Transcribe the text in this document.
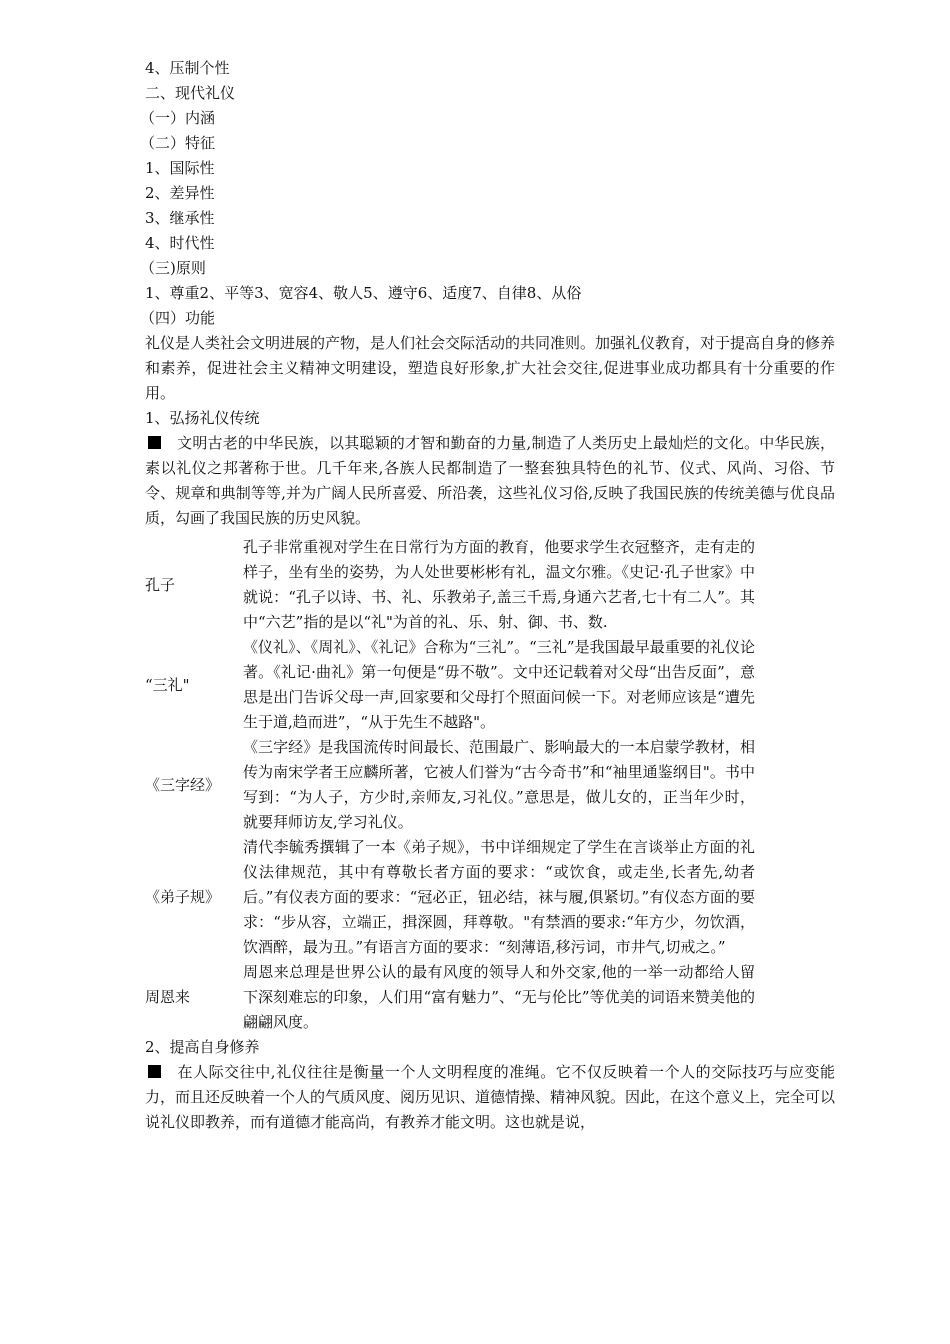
4、压制个性
二、现代礼仪
（一）内涵
（二）特征
1、国际性
2、差异性
3、继承性
4、时代性
（三)原则
1、尊重2、平等3、宽容4、敬人5、遵守6、适度7、自律8、从俗
（四）功能
礼仪是人类社会文明进展的产物，是人们社会交际活动的共同准则。加强礼仪教育，对于提高自身的修养和素养，促进社会主义精神文明建设，塑造良好形象,扩大社会交往,促进事业成功都具有十分重要的作用。
1、弘扬礼仪传统
文明古老的中华民族，以其聪颖的才智和勤奋的力量,制造了人类历史上最灿烂的文化。中华民族，素以礼仪之邦著称于世。几千年来,各族人民都制造了一整套独具特色的礼节、仪式、风尚、习俗、节令、规章和典制等等,并为广阔人民所喜爱、所沿袭，这些礼仪习俗,反映了我国民族的传统美德与优良品质，勾画了我国民族的历史风貌。
孔子	孔子非常重视对学生在日常行为方面的教育，他要求学生衣冠整齐，走有走的样子，坐有坐的姿势，为人处世要彬彬有礼，温文尔雅。《史记·孔子世家》中就说：“孔子以诗、书、礼、乐教弟子,盖三千焉,身通六艺者,七十有二人”。其中“六艺”指的是以“礼"为首的礼、乐、射、御、书、数.
“三礼"	《仪礼》、《周礼》、《礼记》合称为“三礼”。“三礼”是我国最早最重要的礼仪论著。《礼记·曲礼》第一句便是“毋不敬”。文中还记载着对父母“出告反面”，意思是出门告诉父母一声,回家要和父母打个照面问候一下。对老师应该是“遭先生于道,趋而进”，“从于先生不越路"。
《三字经》	《三字经》是我国流传时间最长、范围最广、影响最大的一本启蒙学教材，相传为南宋学者王应麟所著，它被人们誉为“古今奇书”和“袖里通鉴纲目"。书中写到：“为人子，方少时,亲师友,习礼仪。”意思是，做儿女的，正当年少时，就要拜师访友,学习礼仪。
《弟子规》	清代李毓秀撰辑了一本《弟子规》，书中详细规定了学生在言谈举止方面的礼仪法律规范，其中有尊敬长者方面的要求：“或饮食，或走坐,长者先,幼者后。”有仪表方面的要求：“冠必正，钮必结，袜与履,俱紧切。”有仪态方面的要求：“步从容，立端正，揖深圆，拜尊敬。"有禁酒的要求:“年方少，勿饮酒，饮酒醉，最为丑。”有语言方面的要求：“刻薄语,移污词，市井气,切戒之。”
周恩来	周恩来总理是世界公认的最有风度的领导人和外交家,他的一举一动都给人留下深刻难忘的印象，人们用“富有魅力”、“无与伦比”等优美的词语来赞美他的翩翩风度。
2、提高自身修养
在人际交往中,礼仪往往是衡量一个人文明程度的准绳。它不仅反映着一个人的交际技巧与应变能力，而且还反映着一个人的气质风度、阅历见识、道德情操、精神风貌。因此，在这个意义上，完全可以说礼仪即教养，而有道德才能高尚，有教养才能文明。这也就是说，
